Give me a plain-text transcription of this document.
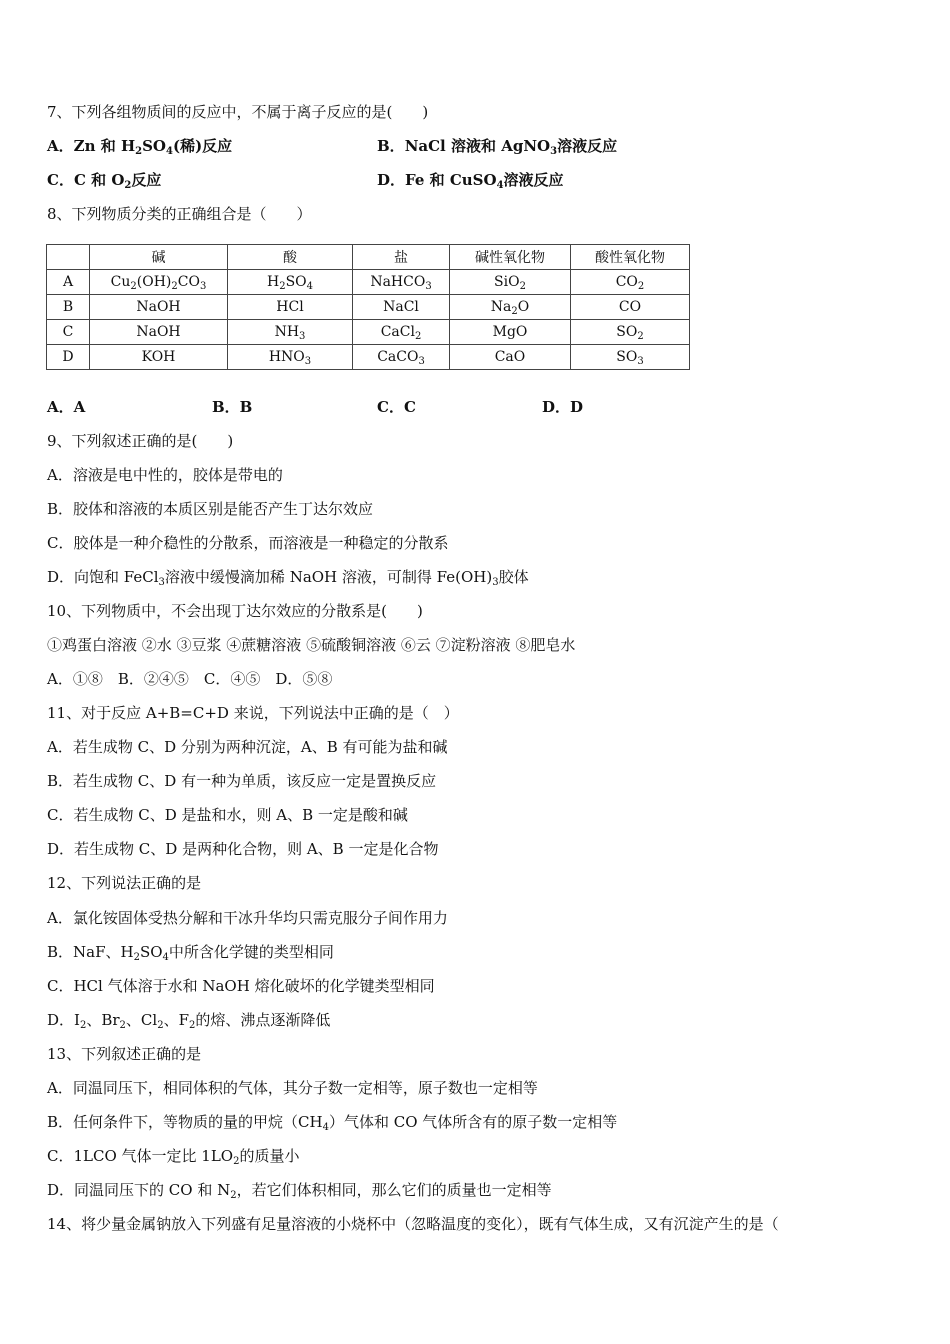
7、下列各组物质间的反应中，不属于离子反应的是(　　)
A．Zn 和 $H_2SO_4$(稀)反应	B．NaCl 溶液和 AgNO$_3$溶液反应
C．C 和 $O_2$反应	D．Fe 和 CuSO$_4$溶液反应
8、下列物质分类的正确组合是（　　）
	碱	酸	盐	碱性氧化物	酸性氧化物
A	$Cu_2(OH)_2CO_3$	$H_2SO_4$	NaHCO$_3$	SiO$_2$	$CO_2$
B	NaOH	HCl	NaCl	$Na_2O$	CO
C	NaOH	$NH_3$	CaCl$_2$	MgO	$SO_2$
D	KOH	$HNO_3$	CaCO$_3$	CaO	$SO_3$
A．A	B．B	C．C	D．D
9、下列叙述正确的是(　　)
A．溶液是电中性的，胶体是带电的
B．胶体和溶液的本质区别是能否产生丁达尔效应
C．胶体是一种介稳性的分散系，而溶液是一种稳定的分散系
D．向饱和 FeCl$_3$溶液中缓慢滴加稀 NaOH 溶液，可制得 $Fe(OH)_3$胶体
10、下列物质中，不会出现丁达尔效应的分散系是(　　)
①鸡蛋白溶液 ②水 ③豆浆 ④蔗糖溶液 ⑤硫酸铜溶液 ⑥云 ⑦淀粉溶液 ⑧肥皂水
A．①⑧　B．②④⑤　C．④⑤　D．⑤⑧
11、对于反应 A+B=C+D 来说，下列说法中正确的是（　）
A．若生成物 C、D 分别为两种沉淀，A、B 有可能为盐和碱
B．若生成物 C、D 有一种为单质，该反应一定是置换反应
C．若生成物 C、D 是盐和水，则 A、B 一定是酸和碱
D．若生成物 C、D 是两种化合物，则 A、B 一定是化合物
12、下列说法正确的是
A．氯化铵固体受热分解和干冰升华均只需克服分子间作用力
B．NaF、$H_2SO_4$中所含化学键的类型相同
C．HCl 气体溶于水和 NaOH 熔化破坏的化学键类型相同
D．$I_2$、$Br_2$、$Cl_2$、$F_2$的熔、沸点逐渐降低
13、下列叙述正确的是
A．同温同压下，相同体积的气体，其分子数一定相等，原子数也一定相等
B．任何条件下，等物质的量的甲烷$(CH_4)$气体和 CO 气体所含有的原子数一定相等
C．1LCO 气体一定比 $1LO_2$的质量小
D．同温同压下的 CO 和 $N_2$，若它们体积相同，那么它们的质量也一定相等
14、将少量金属钠放入下列盛有足量溶液的小烧杯中（忽略温度的变化），既有气体生成，又有沉淀产生的是（
